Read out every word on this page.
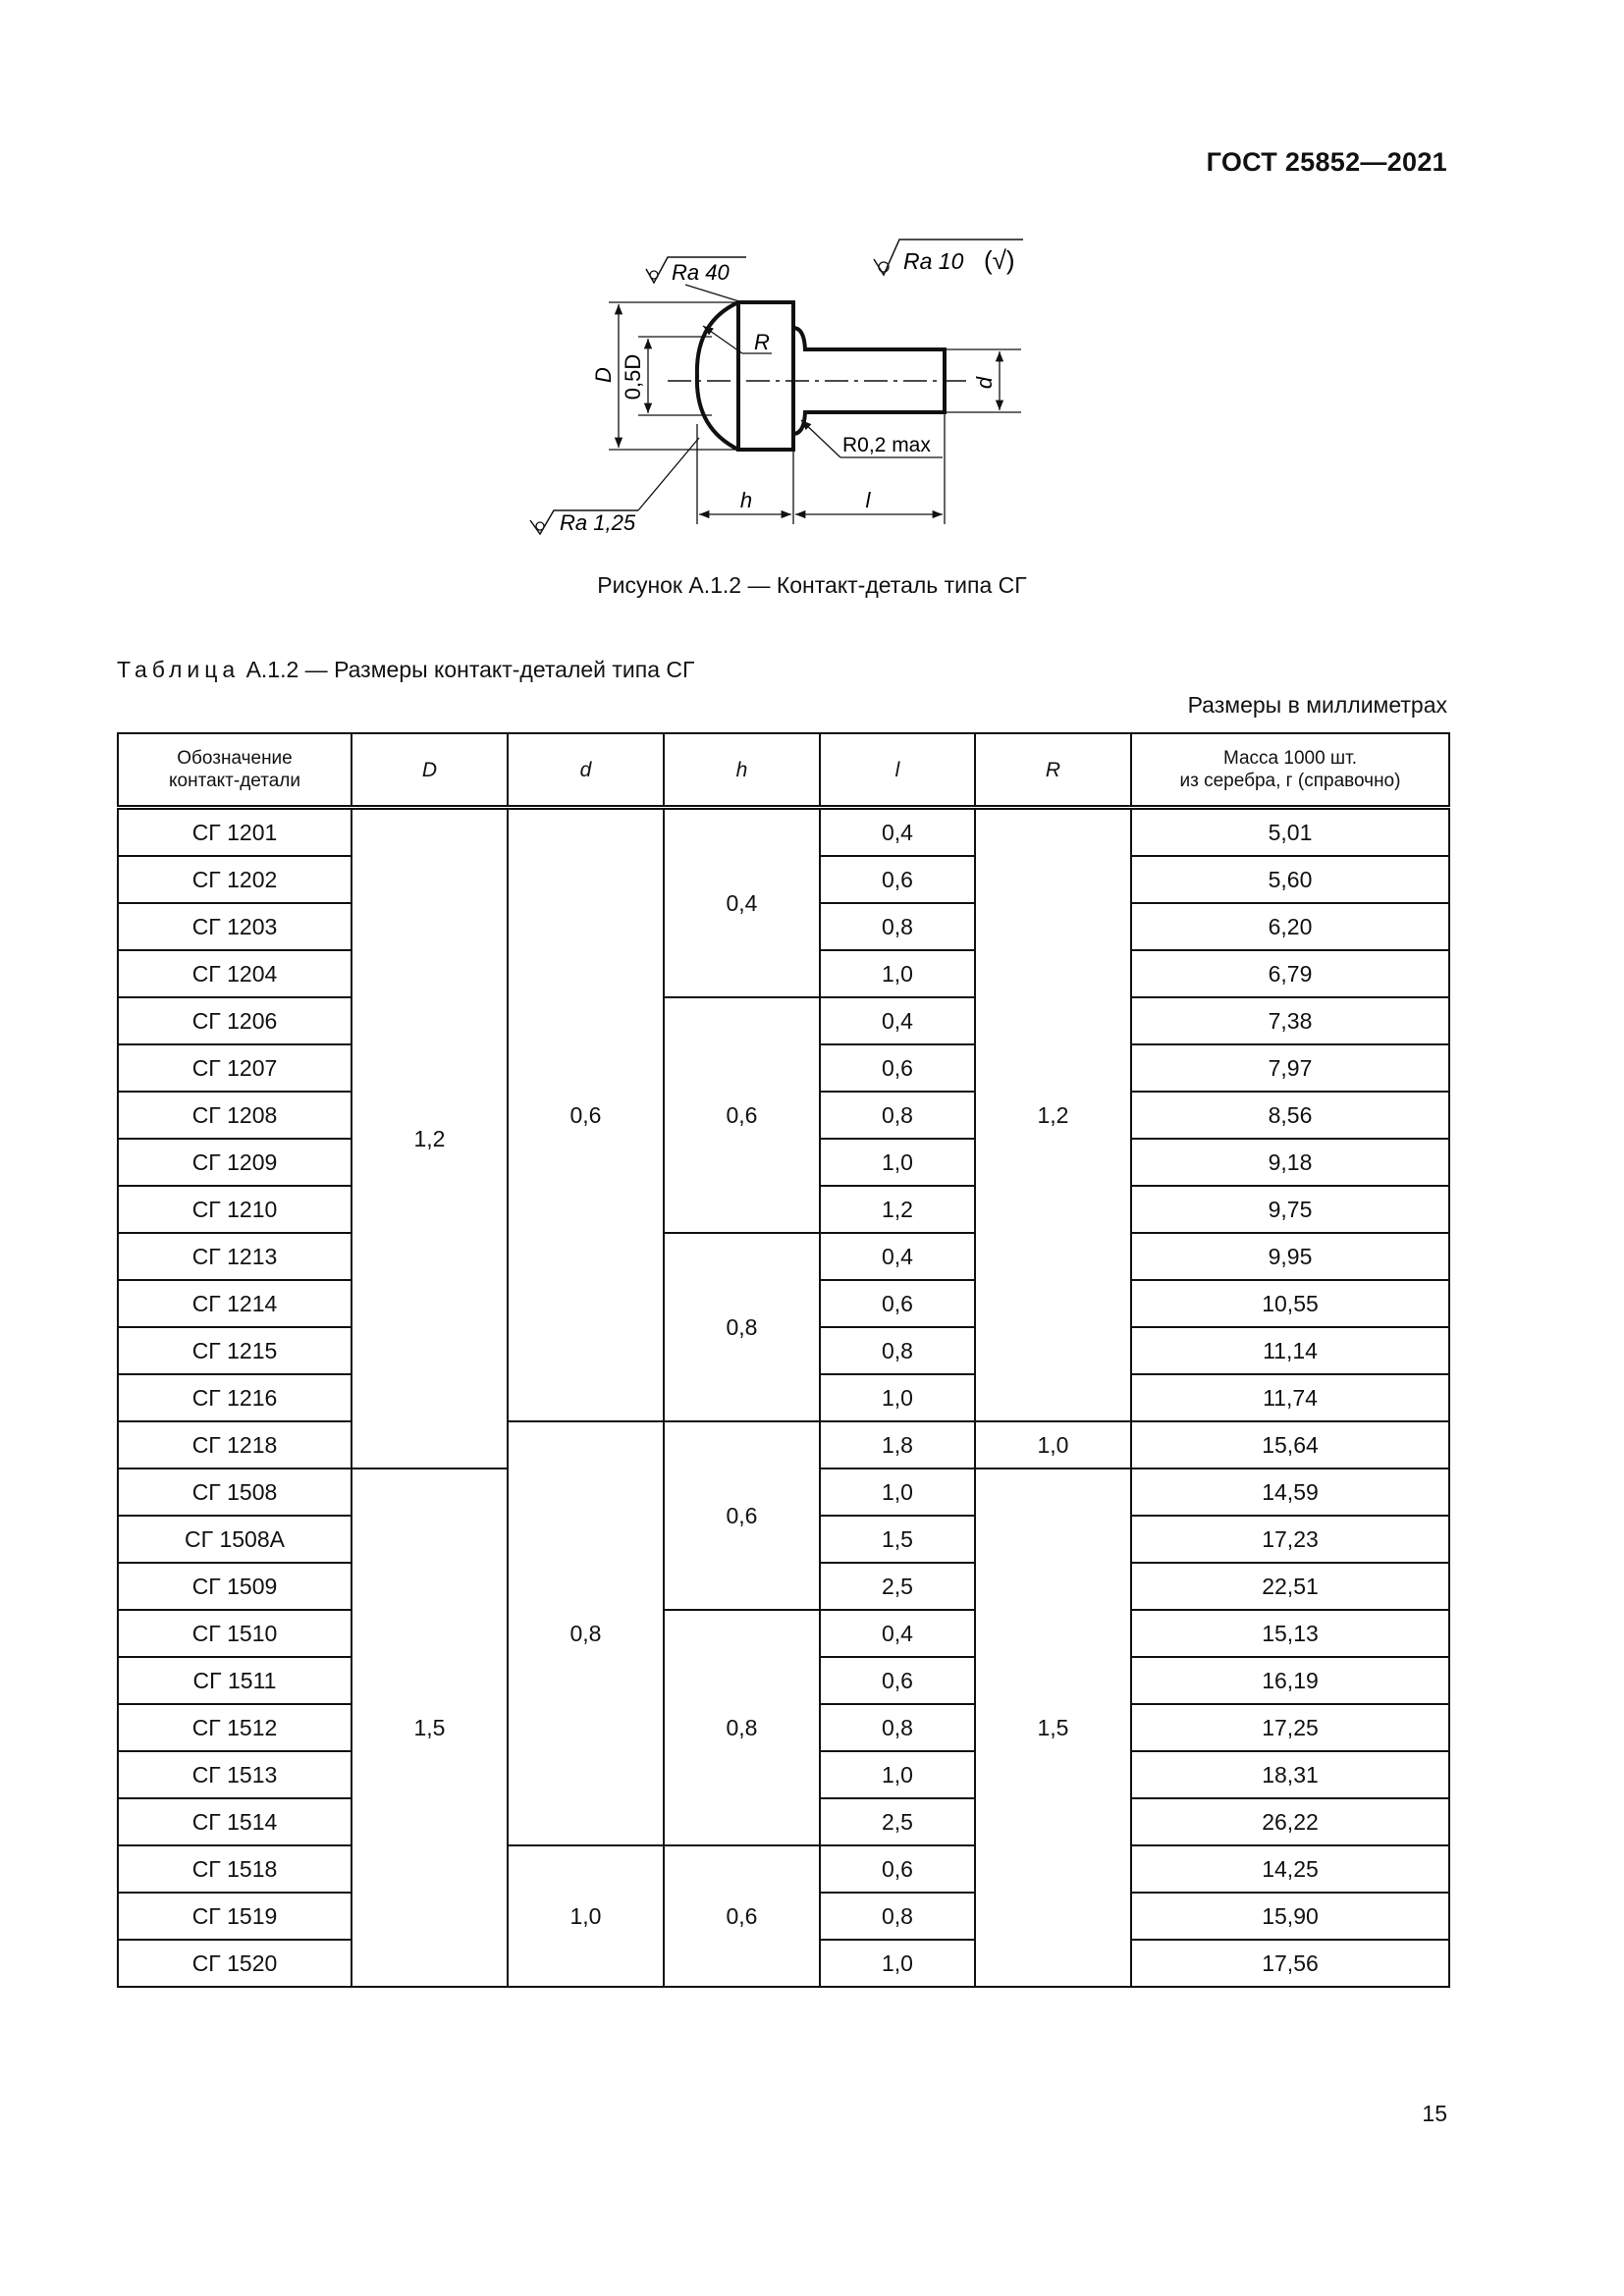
ГОСТ 25852—2021
D 0,5D
R
d
R0,2 max
h	l
Ra 40	Ra 10 (√)
Ra 1,25
Рисунок А.1.2 — Контакт-деталь типа СГ
Таблица А.1.2 — Размеры контакт-деталей типа СГ
Размеры в миллиметрах
Обозначение
контакт-детали	D	d	h	l	R	Масса 1000 шт.
из серебра, г (справочно)
СГ 1201	1,2	0,6	0,4	0,4	1,2	5,01
СГ 1202				0,6		5,60
СГ 1203				0,8		6,20
СГ 1204				1,0		6,79
СГ 1206			0,6	0,4		7,38
СГ 1207				0,6		7,97
СГ 1208				0,8		8,56
СГ 1209				1,0		9,18
СГ 1210				1,2		9,75
СГ 1213			0,8	0,4		9,95
СГ 1214				0,6		10,55
СГ 1215				0,8		11,14
СГ 1216				1,0		11,74
СГ 1218		0,8	0,6	1,8	1,0	15,64
СГ 1508	1,5			1,0	1,5	14,59
СГ 1508А				1,5		17,23
СГ 1509				2,5		22,51
СГ 1510			0,8	0,4		15,13
СГ 1511				0,6		16,19
СГ 1512				0,8		17,25
СГ 1513				1,0		18,31
СГ 1514				2,5		26,22
СГ 1518		1,0	0,6	0,6		14,25
СГ 1519				0,8		15,90
СГ 1520				1,0		17,56
15
